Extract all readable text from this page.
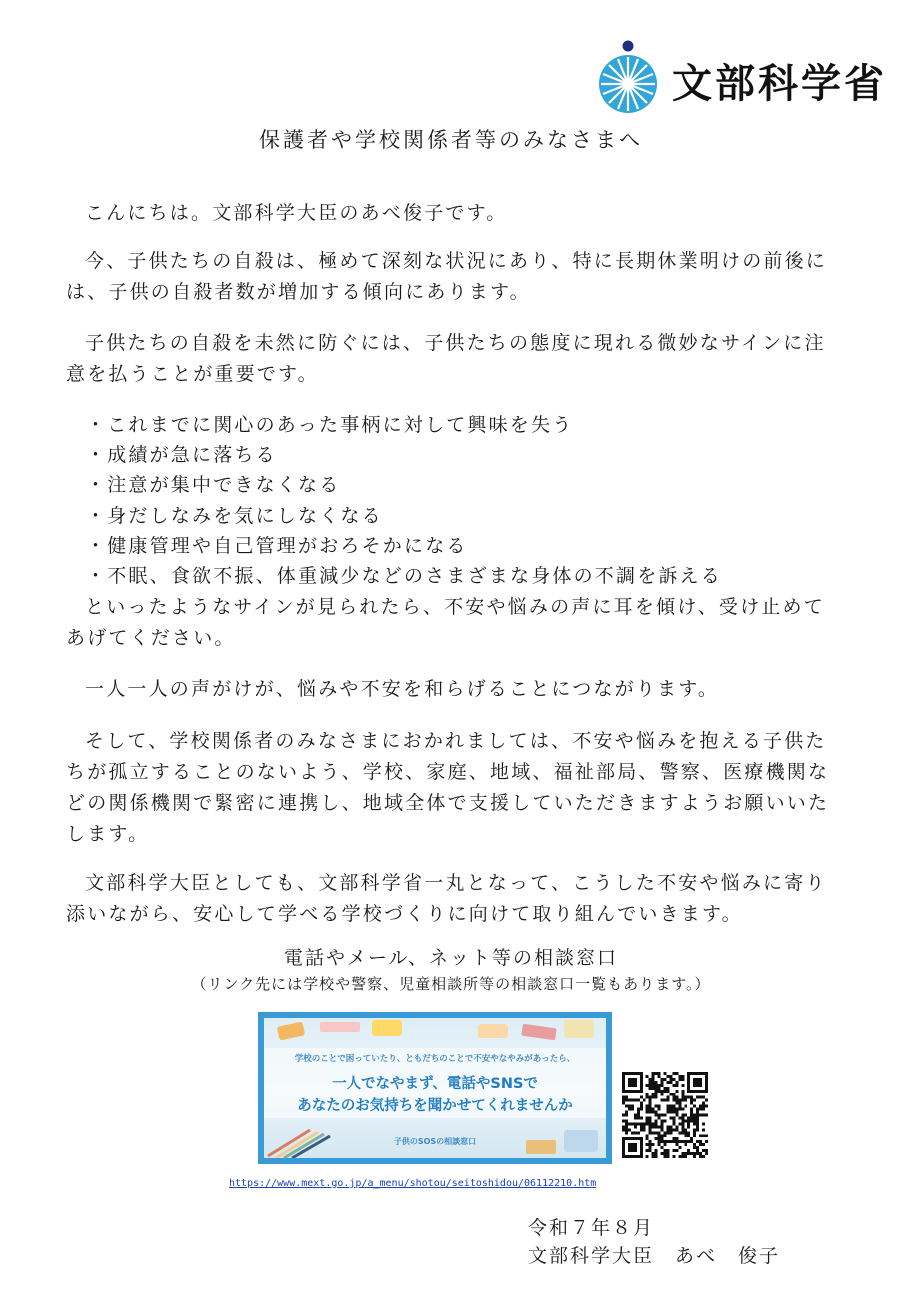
文部科学省
保護者や学校関係者等のみなさまへ

こんにちは。文部科学大臣のあべ俊子です。

今、子供たちの自殺は、極めて深刻な状況にあり、特に長期休業明けの前後には、子供の自殺者数が増加する傾向にあります。

子供たちの自殺を未然に防ぐには、子供たちの態度に現れる微妙なサインに注意を払うことが重要です。

・これまでに関心のあった事柄に対して興味を失う
・成績が急に落ちる
・注意が集中できなくなる
・身だしなみを気にしなくなる
・健康管理や自己管理がおろそかになる
・不眠、食欲不振、体重減少などのさまざまな身体の不調を訴える

といったようなサインが見られたら、不安や悩みの声に耳を傾け、受け止めてあげてください。

一人一人の声がけが、悩みや不安を和らげることにつながります。

そして、学校関係者のみなさまにおかれましては、不安や悩みを抱える子供たちが孤立することのないよう、学校、家庭、地域、福祉部局、警察、医療機関などの関係機関で緊密に連携し、地域全体で支援していただきますようお願いいたします。

文部科学大臣としても、文部科学省一丸となって、こうした不安や悩みに寄り添いながら、安心して学べる学校づくりに向けて取り組んでいきます。

電話やメール、ネット等の相談窓口
（リンク先には学校や警察、児童相談所等の相談窓口一覧もあります。）
学校のことで困っていたり、ともだちのことで不安やなやみがあったら、
一人でなやまず、電話やSNSで
あなたのお気持ちを聞かせてくれませんか
子供のSOSの相談窓口
https://www.mext.go.jp/a_menu/shotou/seitoshidou/06112210.htm
令和７年８月
文部科学大臣　あべ　俊子
